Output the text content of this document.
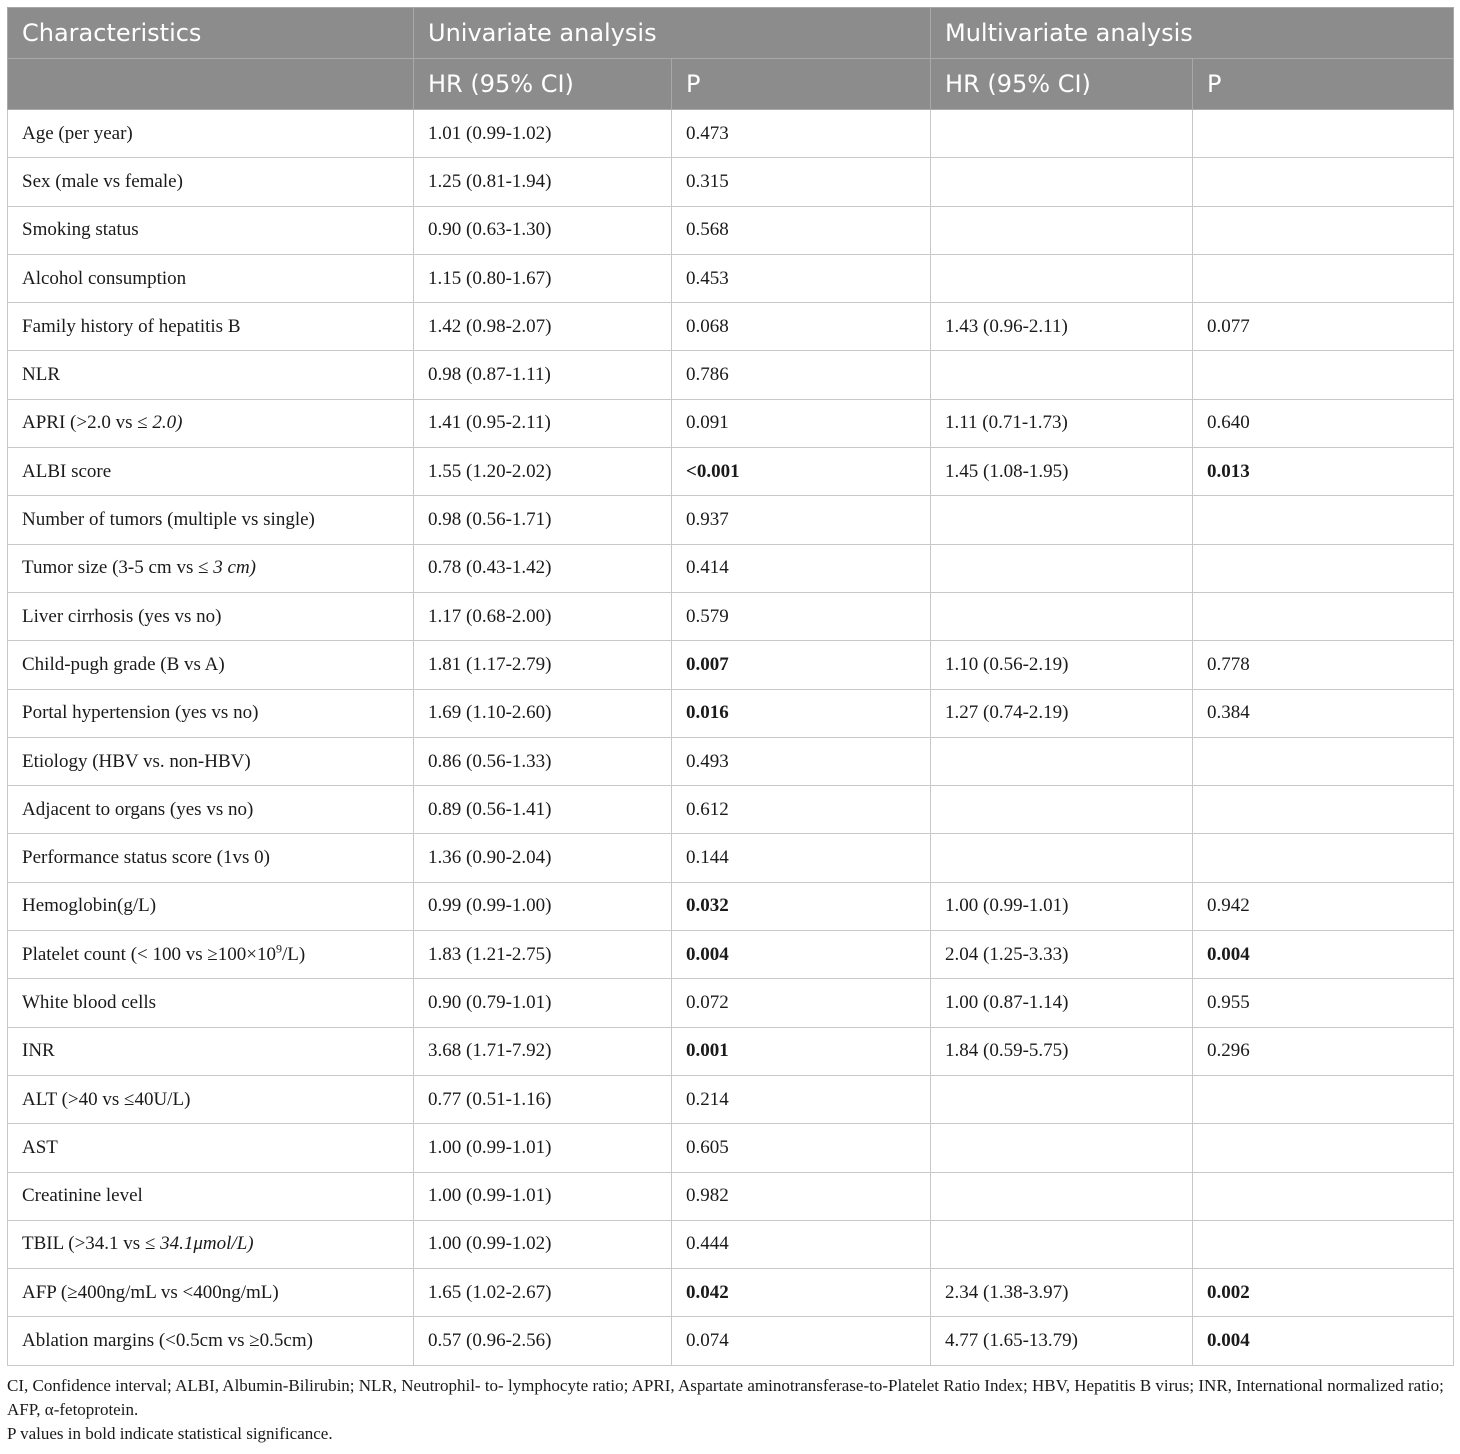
Characteristics	Univariate analysis		Multivariate analysis	
	HR (95% CI)	P	HR (95% CI)	P
Age (per year)	1.01 (0.99-1.02)	0.473		
Sex (male vs female)	1.25 (0.81-1.94)	0.315		
Smoking status	0.90 (0.63-1.30)	0.568		
Alcohol consumption	1.15 (0.80-1.67)	0.453		
Family history of hepatitis B	1.42 (0.98-2.07)	0.068	1.43 (0.96-2.11)	0.077
NLR	0.98 (0.87-1.11)	0.786		
APRI (>2.0 vs ≤ 2.0)	1.41 (0.95-2.11)	0.091	1.11 (0.71-1.73)	0.640
ALBI score	1.55 (1.20-2.02)	<0.001	1.45 (1.08-1.95)	0.013
Number of tumors (multiple vs single)	0.98 (0.56-1.71)	0.937		
Tumor size (3-5 cm vs ≤ 3 cm)	0.78 (0.43-1.42)	0.414		
Liver cirrhosis (yes vs no)	1.17 (0.68-2.00)	0.579		
Child-pugh grade (B vs A)	1.81 (1.17-2.79)	0.007	1.10 (0.56-2.19)	0.778
Portal hypertension (yes vs no)	1.69 (1.10-2.60)	0.016	1.27 (0.74-2.19)	0.384
Etiology (HBV vs. non-HBV)	0.86 (0.56-1.33)	0.493		
Adjacent to organs (yes vs no)	0.89 (0.56-1.41)	0.612		
Performance status score (1vs 0)	1.36 (0.90-2.04)	0.144		
Hemoglobin(g/L)	0.99 (0.99-1.00)	0.032	1.00 (0.99-1.01)	0.942
Platelet count (< 100 vs $\ge 100\times 10^9/L$)	1.83 (1.21-2.75)	0.004	2.04 (1.25-3.33)	0.004
White blood cells	0.90 (0.79-1.01)	0.072	1.00 (0.87-1.14)	0.955
INR	3.68 (1.71-7.92)	0.001	1.84 (0.59-5.75)	0.296
ALT (>40 vs ≤40U/L)	0.77 (0.51-1.16)	0.214		
AST	1.00 (0.99-1.01)	0.605		
Creatinine level	1.00 (0.99-1.01)	0.982		
TBIL (>34.1 vs ≤ 34.1μmol/L)	1.00 (0.99-1.02)	0.444		
AFP (≥400ng/mL vs <400ng/mL)	1.65 (1.02-2.67)	0.042	2.34 (1.38-3.97)	0.002
Ablation margins (<0.5cm vs ≥0.5cm)	0.57 (0.96-2.56)	0.074	4.77 (1.65-13.79)	0.004
CI, Confidence interval; ALBI, Albumin-Bilirubin; NLR, Neutrophil- to- lymphocyte ratio; APRI, Aspartate aminotransferase-to-Platelet Ratio Index; HBV, Hepatitis B virus; INR, International normalized ratio; AFP, α-fetoprotein.
P values in bold indicate statistical significance.
